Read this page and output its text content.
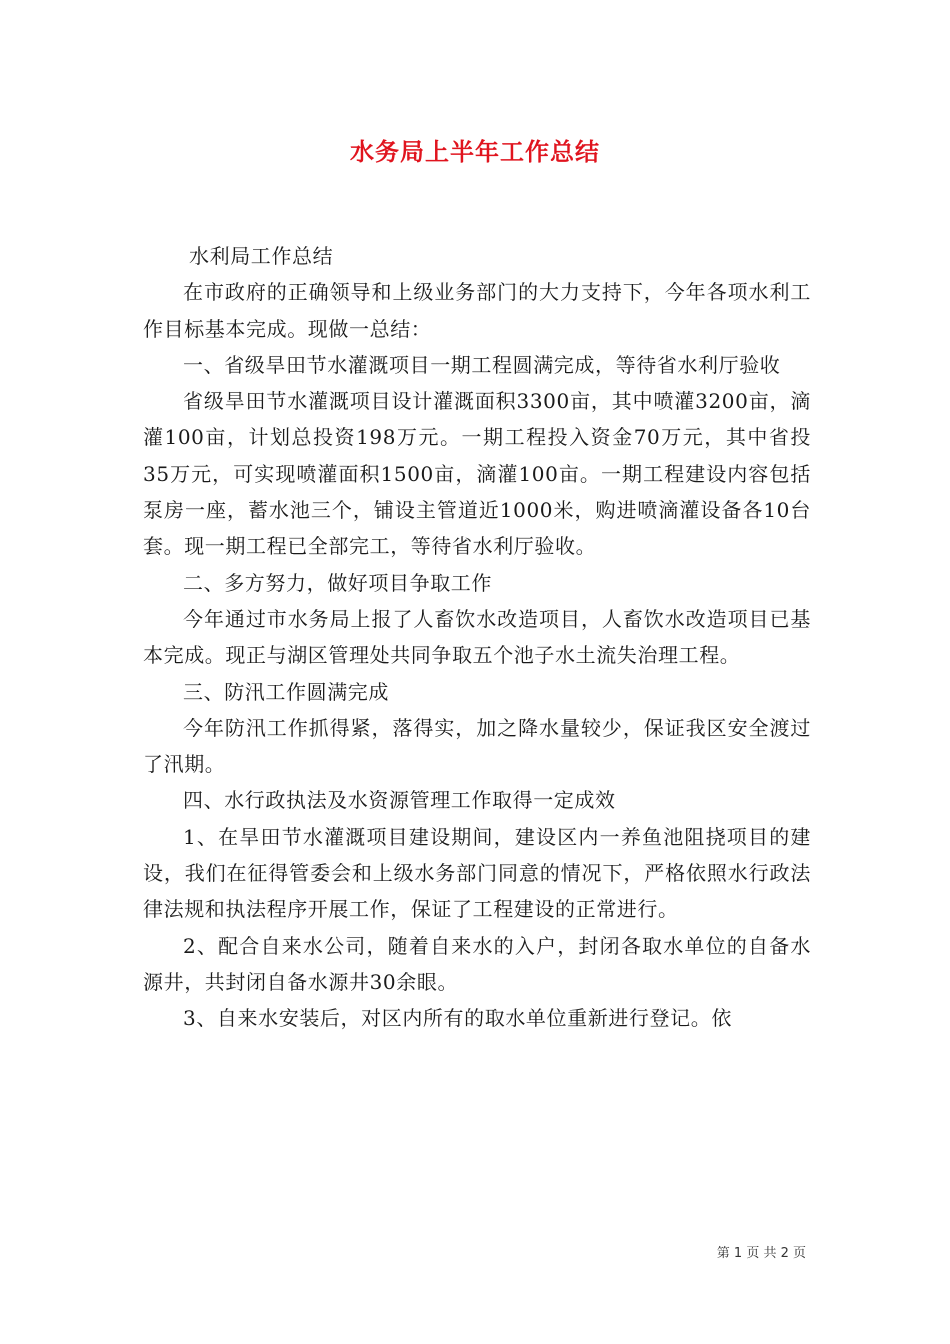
水务局上半年工作总结

水利局工作总结

在市政府的正确领导和上级业务部门的大力支持下，今年各项水利工作目标基本完成。现做一总结：

一、省级旱田节水灌溉项目一期工程圆满完成，等待省水利厅验收

省级旱田节水灌溉项目设计灌溉面积3300亩，其中喷灌3200亩，滴灌100亩，计划总投资198万元。一期工程投入资金70万元，其中省投35万元，可实现喷灌面积1500亩，滴灌100亩。一期工程建设内容包括泵房一座，蓄水池三个，铺设主管道近1000米，购进喷滴灌设备各10台套。现一期工程已全部完工，等待省水利厅验收。

二、多方努力，做好项目争取工作

今年通过市水务局上报了人畜饮水改造项目，人畜饮水改造项目已基本完成。现正与湖区管理处共同争取五个池子水土流失治理工程。

三、防汛工作圆满完成

今年防汛工作抓得紧，落得实，加之降水量较少，保证我区安全渡过了汛期。

四、水行政执法及水资源管理工作取得一定成效

1、在旱田节水灌溉项目建设期间，建设区内一养鱼池阻挠项目的建设，我们在征得管委会和上级水务部门同意的情况下，严格依照水行政法律法规和执法程序开展工作，保证了工程建设的正常进行。

2、配合自来水公司，随着自来水的入户，封闭各取水单位的自备水源井，共封闭自备水源井30余眼。

3、自来水安装后，对区内所有的取水单位重新进行登记。依

第 1 页 共 2 页
